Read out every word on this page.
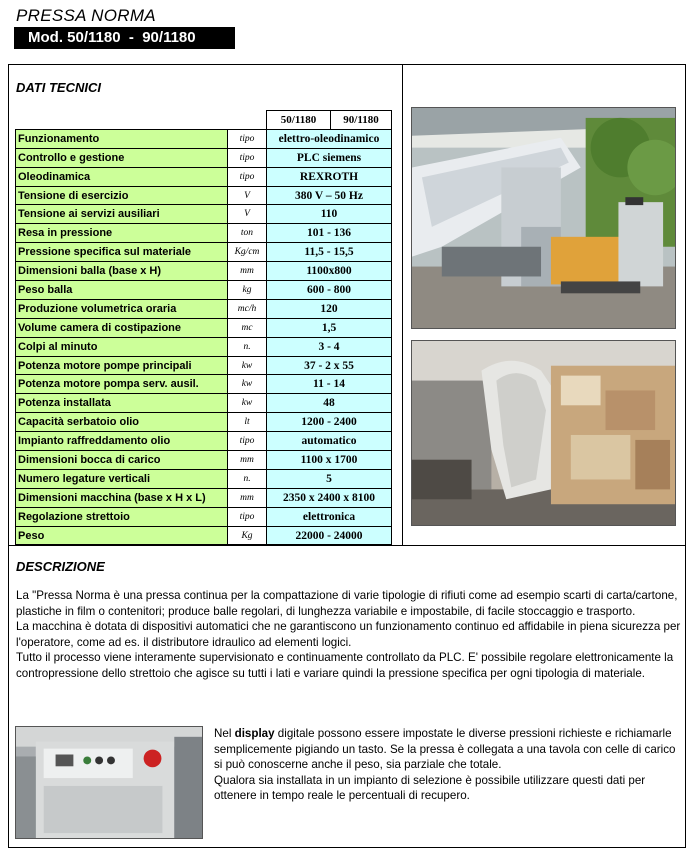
PRESSA NORMA
Mod. 50/1180  -  90/1180
DATI TECNICI
		50/1180	90/1180
Funzionamento	tipo	elettro-oleodinamico	
Controllo e gestione	tipo	PLC siemens	
Oleodinamica	tipo	REXROTH	
Tensione di esercizio	V	380 V – 50 Hz	
Tensione ai servizi ausiliari	V	110	
Resa in pressione	ton	101 - 136	
Pressione specifica sul materiale	Kg/cm	11,5 - 15,5	
Dimensioni balla (base x H)	mm	1100x800	
Peso balla	kg	600 - 800	
Produzione volumetrica oraria	mc/h	120	
Volume camera di costipazione	mc	1,5	
Colpi al minuto	n.	3 - 4	
Potenza motore pompe principali	kw	37 - 2 x 55	
Potenza motore pompa serv. ausil.	kw	11 - 14	
Potenza installata	kw	48	
Capacità serbatoio olio	lt	1200 - 2400	
Impianto raffreddamento olio	tipo	automatico	
Dimensioni bocca di carico	mm	1100 x 1700	
Numero legature verticali	n.	5	
Dimensioni macchina (base x H x L)	mm	2350 x 2400 x 8100	
Regolazione strettoio	tipo	elettronica	
Peso	Kg	22000 - 24000	
DESCRIZIONE

La "Pressa Norma è una pressa continua per la compattazione di varie tipologie di rifiuti come ad esempio scarti di carta/cartone, plastiche in film o contenitori; produce balle regolari, di lunghezza variabile e impostabile, di facile stoccaggio e trasporto.

La macchina è dotata di dispositivi automatici che ne garantiscono un funzionamento continuo ed affidabile in piena sicurezza per l'operatore, come ad es. il distributore idraulico ad elementi logici.

Tutto il processo viene interamente supervisionato e continuamente controllato da PLC. E' possibile regolare elettronicamente la contropressione dello strettoio che agisce su tutti i lati e variare quindi la pressione specifica per ogni tipologia di materiale.

Nel display digitale possono essere impostate le diverse pressioni richieste e richiamarle semplicemente pigiando un tasto. Se la pressa è collegata a una tavola con celle di carico si può conoscerne anche il peso, sia parziale che totale.

Qualora sia installata in un impianto di selezione è possibile utilizzare questi dati per ottenere in tempo reale le percentuali di recupero.
